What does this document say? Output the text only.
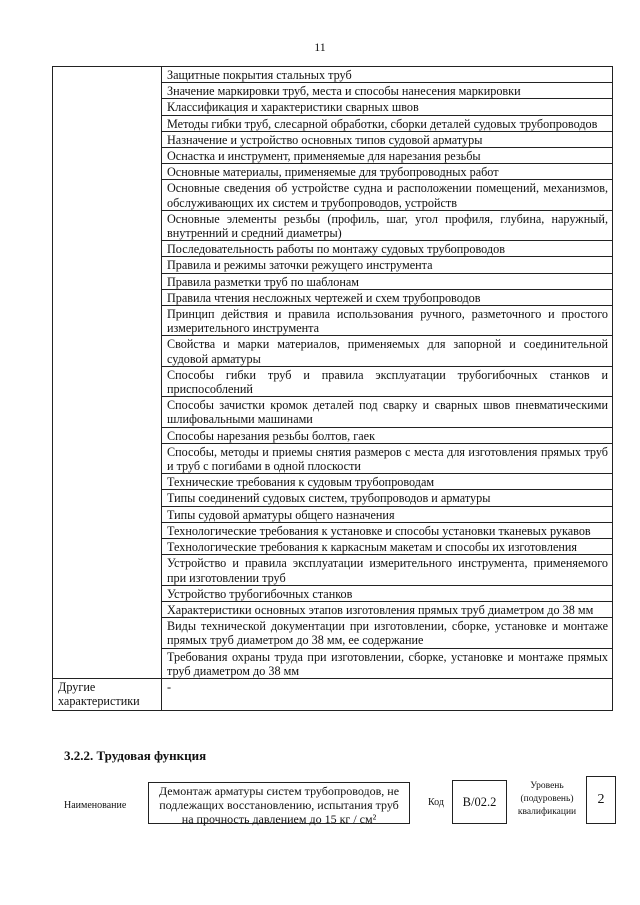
11
	Защитные покрытия стальных труб
	Значение маркировки труб, места и способы нанесения маркировки
	Классификация и характеристики сварных швов
	Методы гибки труб, слесарной обработки, сборки деталей судовых трубопроводов
	Назначение и устройство основных типов судовой арматуры
	Оснастка и инструмент, применяемые для нарезания резьбы
	Основные материалы, применяемые для трубопроводных работ
	Основные сведения об устройстве судна и расположении помещений, механизмов, обслуживающих их систем и трубопроводов, устройств
	Основные элементы резьбы (профиль, шаг, угол профиля, глубина, наружный, внутренний и средний диаметры)
	Последовательность работы по монтажу судовых трубопроводов
	Правила и режимы заточки режущего инструмента
	Правила разметки труб по шаблонам
	Правила чтения несложных чертежей и схем трубопроводов
	Принцип действия и правила использования ручного, разметочного и простого измерительного инструмента
	Свойства и марки материалов, применяемых для запорной и соединительной судовой арматуры
	Способы гибки труб и правила эксплуатации трубогибочных станков и приспособлений
	Способы зачистки кромок деталей под сварку и сварных швов пневматическими шлифовальными машинами
	Способы нарезания резьбы болтов, гаек
	Способы, методы и приемы снятия размеров с места для изготовления прямых труб и труб с погибами в одной плоскости
	Технические требования к судовым трубопроводам
	Типы соединений судовых систем, трубопроводов и арматуры
	Типы судовой арматуры общего назначения
	Технологические требования к установке и способы установки тканевых рукавов
	Технологические требования к каркасным макетам и способы их изготовления
	Устройство и правила эксплуатации измерительного инструмента, применяемого при изготовлении труб
	Устройство трубогибочных станков
	Характеристики основных этапов изготовления прямых труб диаметром до 38 мм
	Виды технической документации при изготовлении, сборке, установке и монтаже прямых труб диаметром до 38 мм, ее содержание
	Требования охраны труда при изготовлении, сборке, установке и монтаже прямых труб диаметром до 38 мм
Другие характеристики	-
3.2.2. Трудовая функция
Наименование
Демонтаж арматуры систем трубопроводов, не подлежащих восстановлению, испытания труб на прочность давлением до 15 кг / см²
Код	B/02.2
Уровень (подуровень) квалификации
2
